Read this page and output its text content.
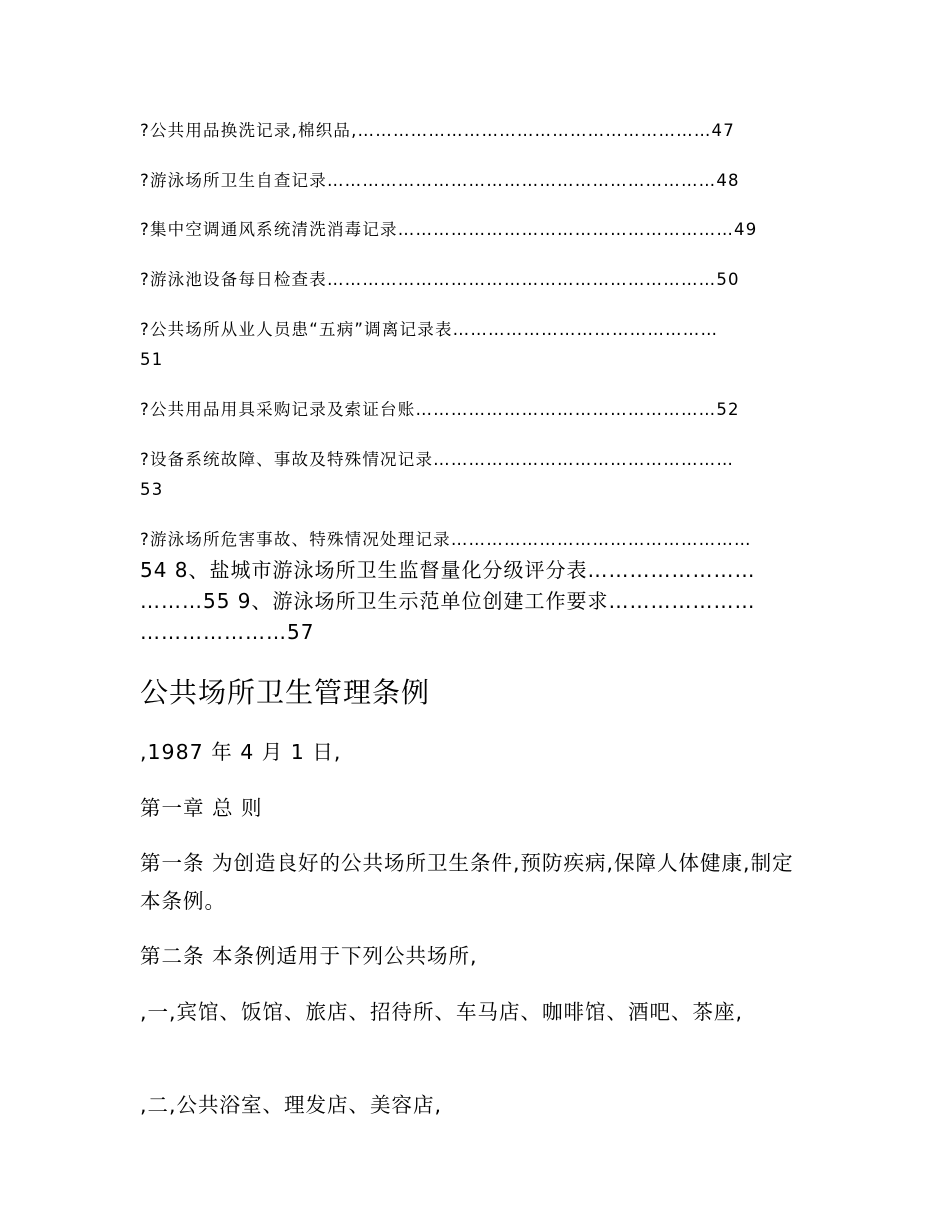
?公共用品换洗记录,棉织品,……………………………………………………47
?游泳场所卫生自查记录…………………………………………………………48
?集中空调通风系统清洗消毒记录…………………………………………………49
?游泳池设备每日检查表…………………………………………………………50
?公共场所从业人员患“五病”调离记录表………………………………………
51
?公共用品用具采购记录及索证台账……………………………………………52
?设备系统故障、事故及特殊情况记录……………………………………………
53
?游泳场所危害事故、特殊情况处理记录……………………………………………
54 8、盐城市游泳场所卫生监督量化分级评分表……………………
………55 9、游泳场所卫生示范单位创建工作要求…………………
…………………57
公共场所卫生管理条例
,1987 年 4 月 1 日,
第一章 总 则
第一条 为创造良好的公共场所卫生条件,预防疾病,保障人体健康,制定本条例。
第二条 本条例适用于下列公共场所,
,一,宾馆、饭馆、旅店、招待所、车马店、咖啡馆、酒吧、茶座,
,二,公共浴室、理发店、美容店,
